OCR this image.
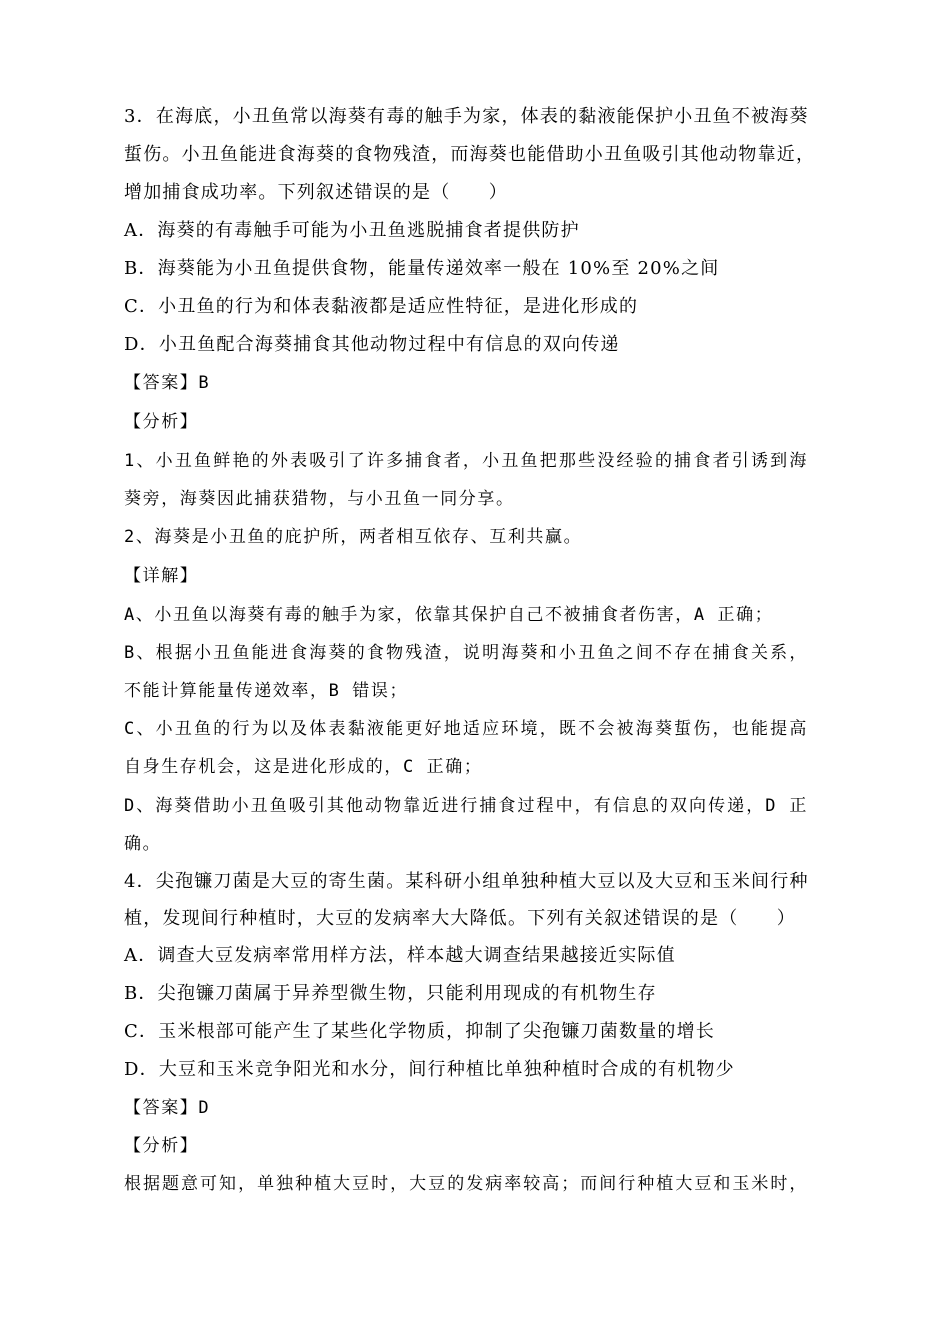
3．在海底，小丑鱼常以海葵有毒的触手为家，体表的黏液能保护小丑鱼不被海葵
蜇伤。小丑鱼能进食海葵的食物残渣，而海葵也能借助小丑鱼吸引其他动物靠近，
增加捕食成功率。下列叙述错误的是（　　）
A．海葵的有毒触手可能为小丑鱼逃脱捕食者提供防护
B．海葵能为小丑鱼提供食物，能量传递效率一般在 10%至 20%之间
C．小丑鱼的行为和体表黏液都是适应性特征，是进化形成的
D．小丑鱼配合海葵捕食其他动物过程中有信息的双向传递
【答案】B
【分析】
1、小丑鱼鲜艳的外表吸引了许多捕食者，小丑鱼把那些没经验的捕食者引诱到海
葵旁，海葵因此捕获猎物，与小丑鱼一同分享。
2、海葵是小丑鱼的庇护所，两者相互依存、互利共赢。
【详解】
A、小丑鱼以海葵有毒的触手为家，依靠其保护自己不被捕食者伤害，A 正确；
B、根据小丑鱼能进食海葵的食物残渣，说明海葵和小丑鱼之间不存在捕食关系，
不能计算能量传递效率，B 错误；
C、小丑鱼的行为以及体表黏液能更好地适应环境，既不会被海葵蜇伤，也能提高
自身生存机会，这是进化形成的，C 正确；
D、海葵借助小丑鱼吸引其他动物靠近进行捕食过程中，有信息的双向传递，D 正
确。
4．尖孢镰刀菌是大豆的寄生菌。某科研小组单独种植大豆以及大豆和玉米间行种
植，发现间行种植时，大豆的发病率大大降低。下列有关叙述错误的是（　　）
A．调查大豆发病率常用样方法，样本越大调查结果越接近实际值
B．尖孢镰刀菌属于异养型微生物，只能利用现成的有机物生存
C．玉米根部可能产生了某些化学物质，抑制了尖孢镰刀菌数量的增长
D．大豆和玉米竞争阳光和水分，间行种植比单独种植时合成的有机物少
【答案】D
【分析】
根据题意可知，单独种植大豆时，大豆的发病率较高；而间行种植大豆和玉米时，
